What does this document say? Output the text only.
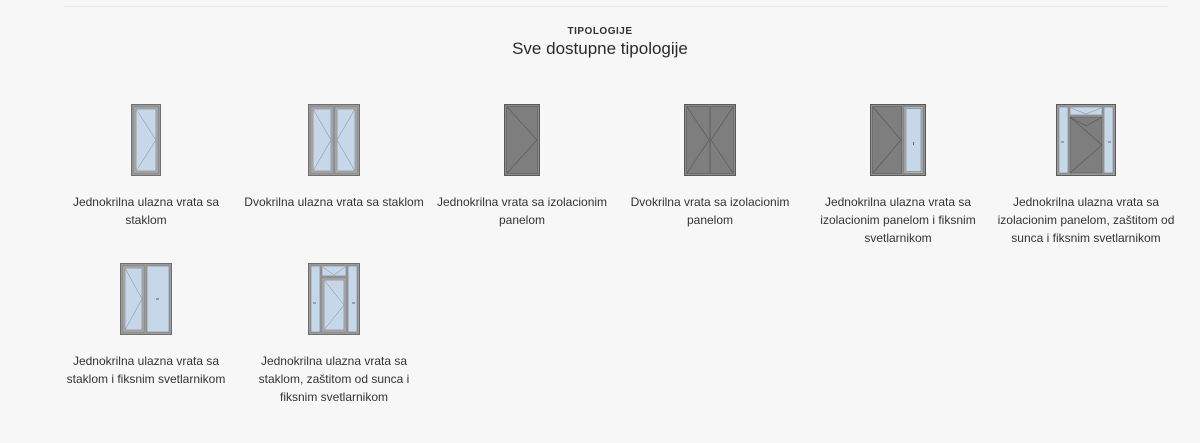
TIPOLOGIJE
Sve dostupne tipologije
Jednokrilna ulazna vrata sa staklom
Dvokrilna ulazna vrata sa staklom	Jednokrilna vrata sa izolacionim panelom
Dvokrilna vrata sa izolacionim panelom
Jednokrilna ulazna vrata sa izolacionim panelom i fiksnim svetlarnikom
Jednokrilna ulazna vrata sa izolacionim panelom, zaštitom od sunca i fiksnim svetlarnikom
Jednokrilna ulazna vrata sa staklom i fiksnim svetlarnikom
Jednokrilna ulazna vrata sa staklom, zaštitom od sunca i fiksnim svetlarnikom
